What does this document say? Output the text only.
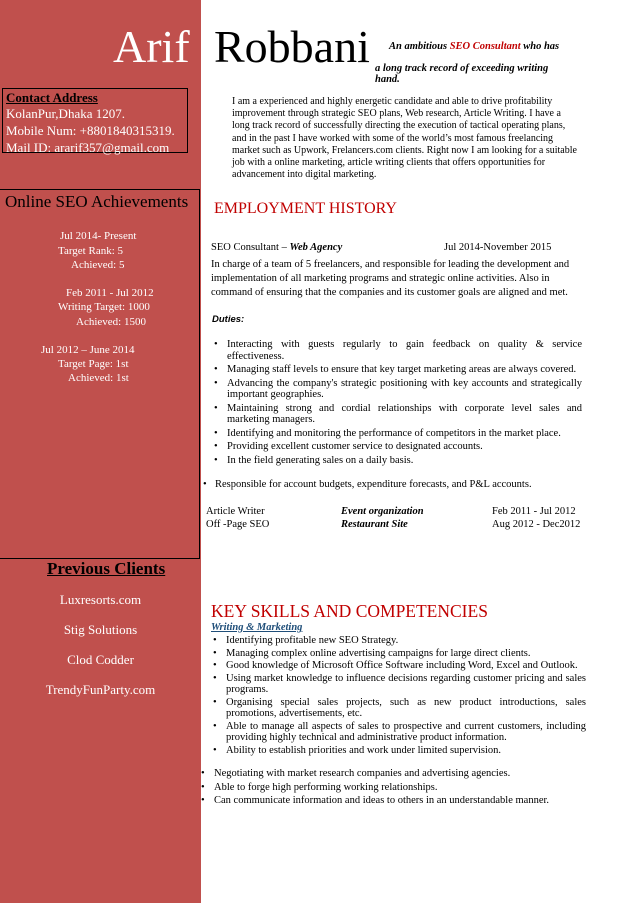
Arif Robbani An ambitious SEO Consultant who has
a long track record of exceeding writing
hand.
Contact Address
KolanPur,Dhaka 1207.
Mobile Num: +8801840315319.
Mail ID: ararif357@gmail.com
Online SEO Achievements
Jul 2014- Present
Target Rank: 5
Achieved: 5
Feb 2011 - Jul 2012
Writing Target: 1000
Achieved: 1500
Jul 2012 – June 2014
Target Page: 1st
Achieved: 1st
Previous Clients
Luxresorts.com
Stig Solutions
Clod Codder
TrendyFunParty.com
I am a experienced and highly energetic candidate and able to drive profitability improvement through strategic SEO plans, Web research, Article Writing. I have a long track record of successfully directing the execution of tactical operating plans, and in the past I have worked with some of the world’s most famous freelancing market such as Upwork, Frelancers.com clients. Right now I am looking for a suitable job with a online marketing, article writing clients that offers opportunities for advancement into digital marketing.
EMPLOYMENT HISTORY
SEO Consultant – Web Agency	Jul 2014-November 2015
In charge of a team of 5 freelancers, and responsible for leading the development and implementation of all marketing programs and strategic online activities. Also in command of ensuring that the companies and its customer goals are aligned and met.
Duties:
• Interacting with guests regularly to gain feedback on quality & service effectiveness.
• Managing staff levels to ensure that key target marketing areas are always covered.
• Advancing the company's strategic positioning with key accounts and strategically important geographies.
• Maintaining strong and cordial relationships with corporate level sales and marketing managers.
• Identifying and monitoring the performance of competitors in the market place.
• Providing excellent customer service to designated accounts.
• In the field generating sales on a daily basis.
• Responsible for account budgets, expenditure forecasts, and P&L accounts.
Article Writer	Event organization	Feb 2011 - Jul 2012
Off -Page SEO	Restaurant Site	Aug 2012 - Dec2012
KEY SKILLS AND COMPETENCIES
Writing & Marketing
• Identifying profitable new SEO Strategy.
• Managing complex online advertising campaigns for large direct clients.
• Good knowledge of Microsoft Office Software including Word, Excel and Outlook.
• Using market knowledge to influence decisions regarding customer pricing and sales programs.
• Organising special sales projects, such as new product introductions, sales promotions, advertisements, etc.
• Able to manage all aspects of sales to prospective and current customers, including providing highly technical and administrative product information.
• Ability to establish priorities and work under limited supervision.
• Negotiating with market research companies and advertising agencies.
• Able to forge high performing working relationships.
• Can communicate information and ideas to others in an understandable manner.
